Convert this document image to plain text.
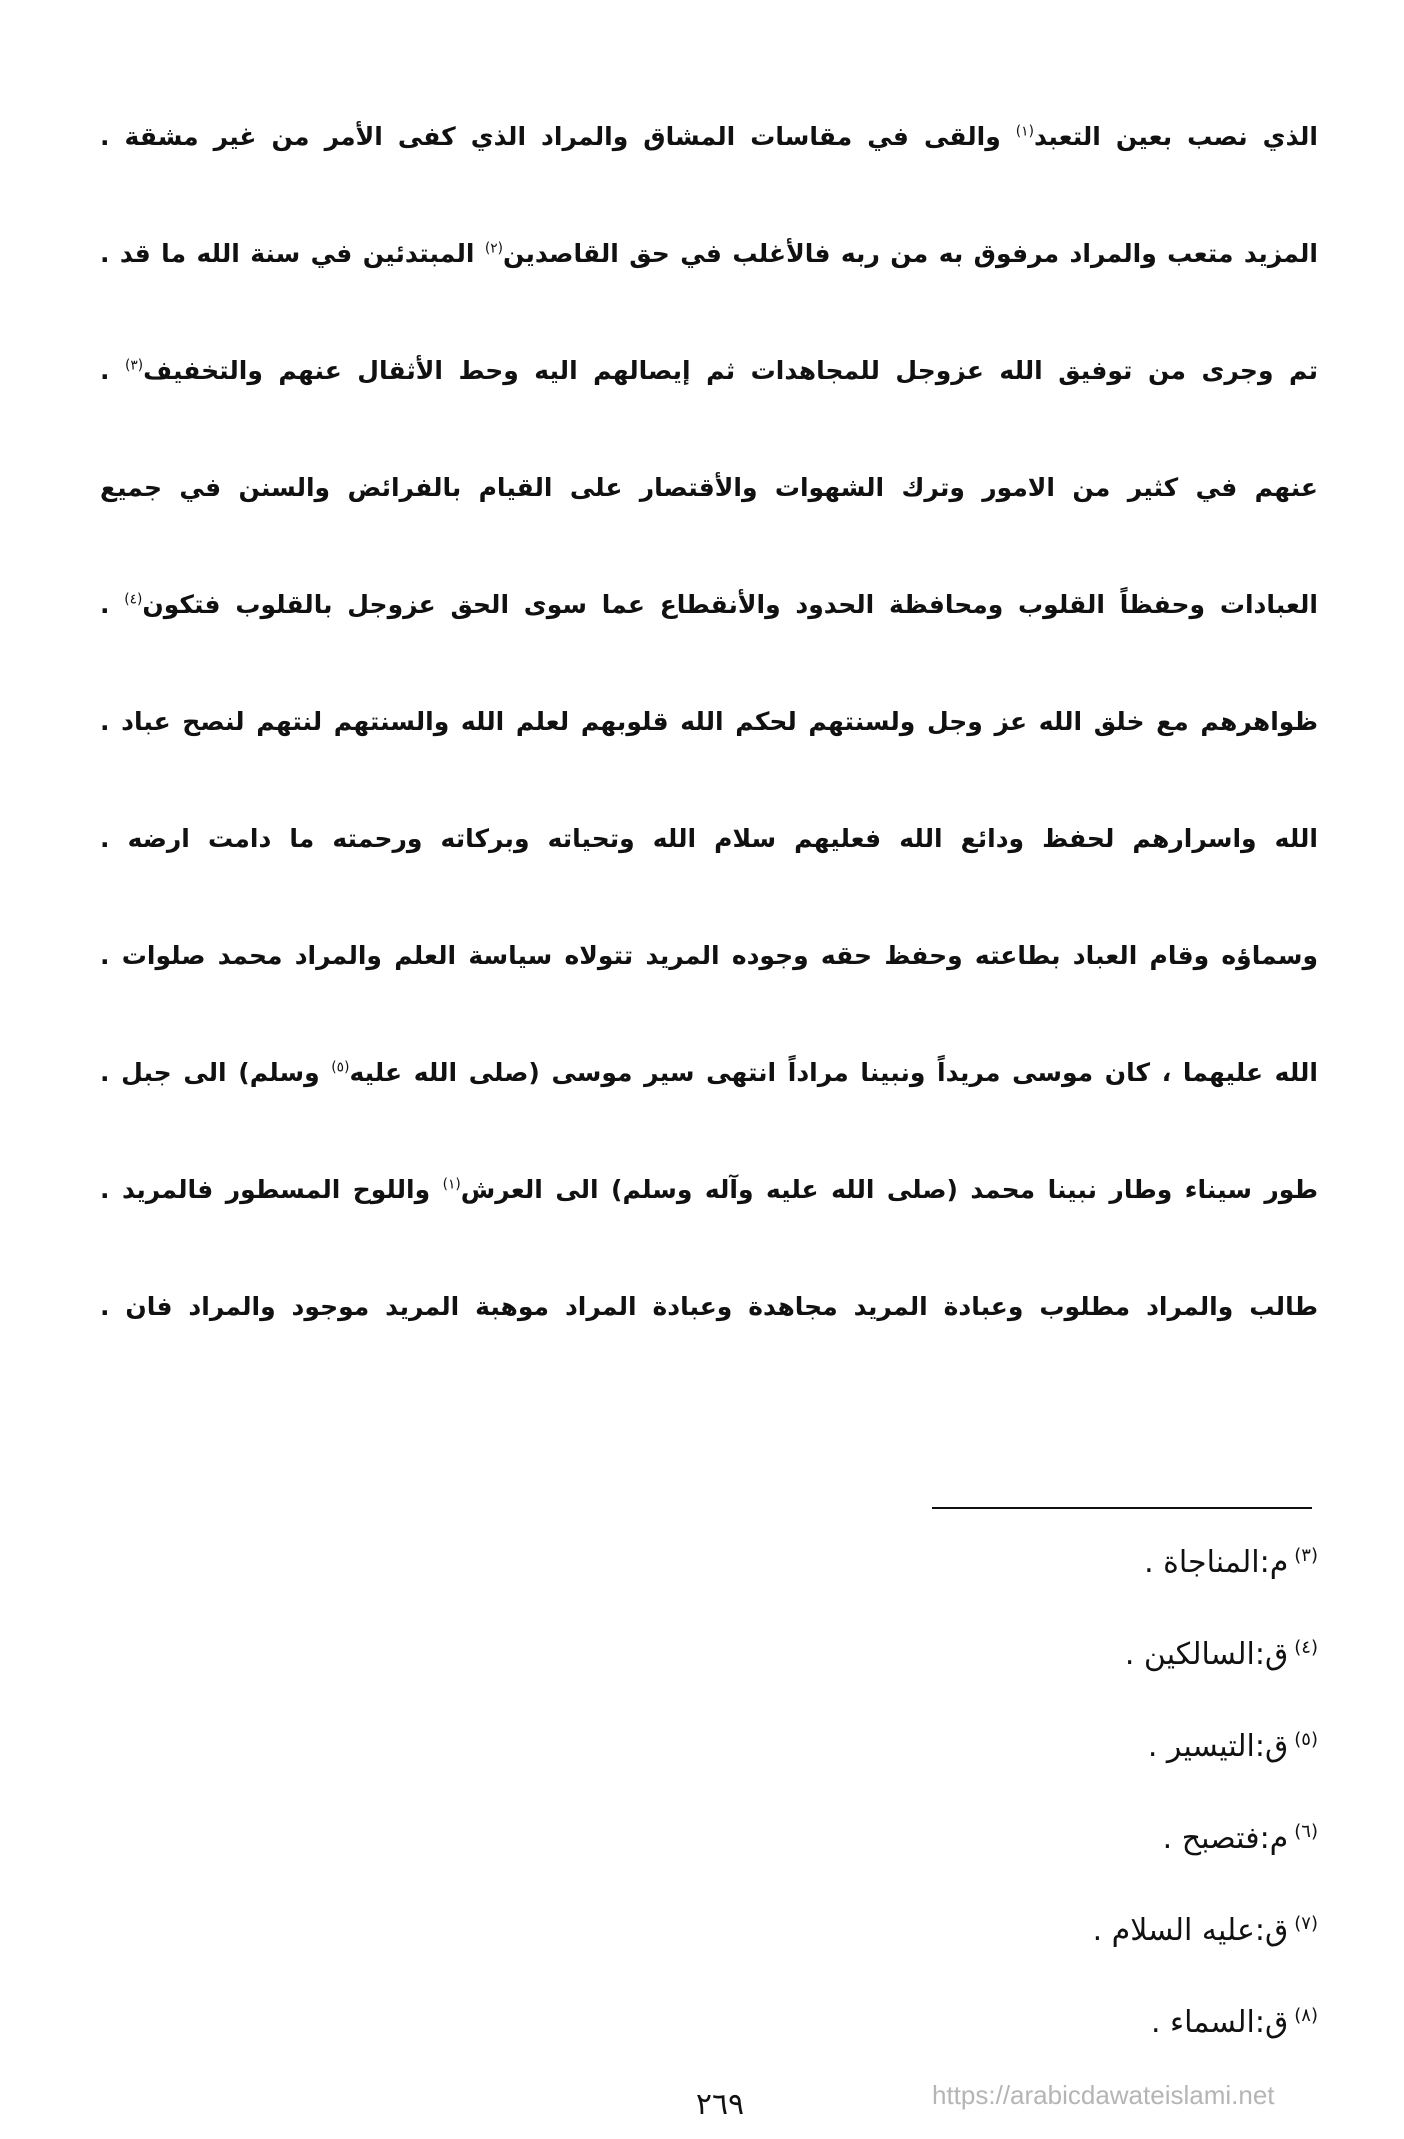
الذي نصب بعين التعبد$^{(١)}$ والقى في مقاسات المشاق والمراد الذي كفى الأمر من غير مشقة .
المزيد متعب والمراد مرفوق به من ربه فالأغلب في حق القاصدين$^{(٢)}$ المبتدئين في سنة الله ما قد .
تم وجرى من توفيق الله عزوجل للمجاهدات ثم إيصالهم اليه وحط الأثقال عنهم والتخفيف$^{(٣)}$ .
عنهم في كثير من الامور وترك الشهوات والأقتصار على القيام بالفرائض والسنن في جميع
العبادات وحفظاً القلوب ومحافظة الحدود والأنقطاع عما سوى الحق عزوجل بالقلوب فتكون$^{(٤)}$ .
ظواهرهم مع خلق الله عز وجل ولسنتهم لحكم الله قلوبهم لعلم الله والسنتهم لنتهم لنصح عباد .
الله واسرارهم لحفظ ودائع الله فعليهم سلام الله وتحياته وبركاته ورحمته ما دامت ارضه .
وسماؤه وقام العباد بطاعته وحفظ حقه وجوده المريد تتولاه سياسة العلم والمراد محمد صلوات .
الله عليهما ، كان موسى مريداً ونبينا مراداً انتهى سير موسى (صلى الله عليه$^{(٥)}$ وسلم) الى جبل .
طور سيناء وطار نبينا محمد (صلى الله عليه وآله وسلم) الى العرش$^{(١)}$ واللوح المسطور فالمريد .
طالب والمراد مطلوب وعبادة المريد مجاهدة وعبادة المراد موهبة المريد موجود والمراد فان .
$^{(٣)}$م:المناجاة .
$^{(٤)}$ق:السالكين .
$^{(٥)}$ق:التيسير .
$^{(٦)}$م:فتصبح .
$^{(٧)}$ق:عليه السلام .
$^{(٨)}$ق:السماء .
٢٦٩	https://arabicdawateislami.net
